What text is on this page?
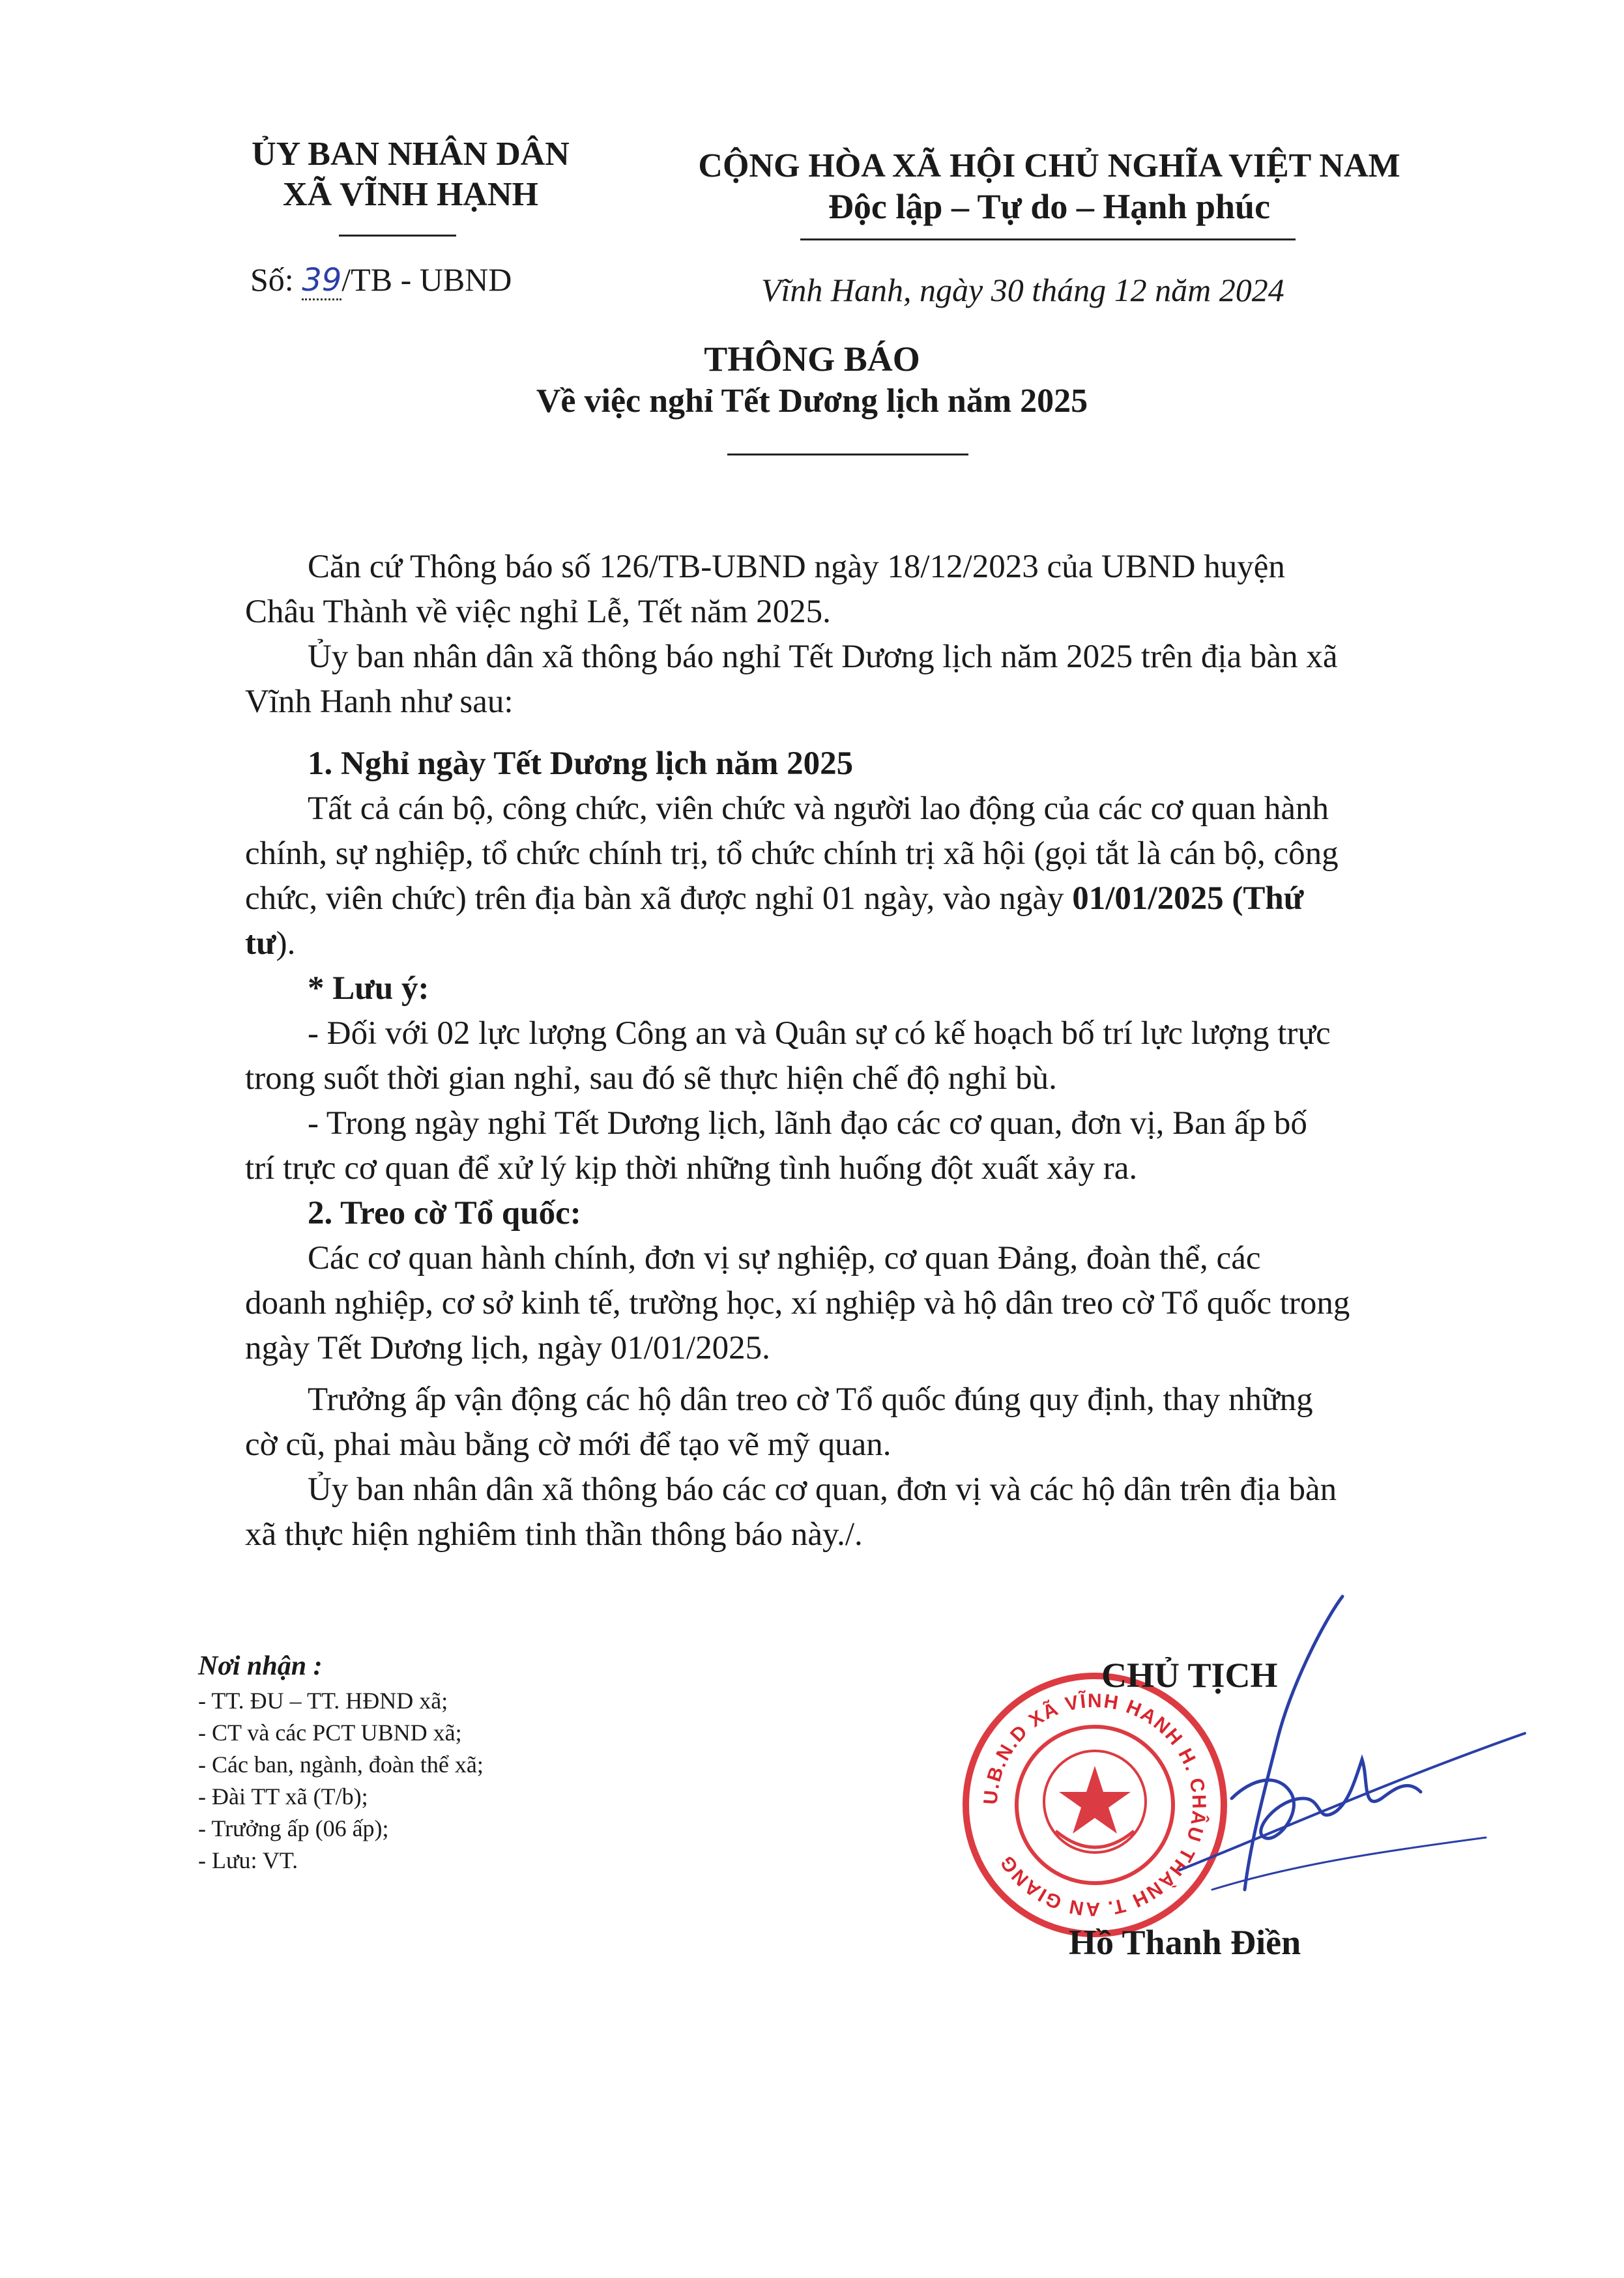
ỦY BAN NHÂN DÂN
XÃ VĨNH HẠNH
Số: 39/TB - UBND
CỘNG HÒA XÃ HỘI CHỦ NGHĨA VIỆT NAM
Độc lập – Tự do – Hạnh phúc
Vĩnh Hanh, ngày 30 tháng 12 năm 2024
THÔNG BÁO
Về việc nghỉ Tết Dương lịch năm 2025
Căn cứ Thông báo số 126/TB-UBND ngày 18/12/2023 của UBND huyện
Châu Thành về việc nghỉ Lễ, Tết năm 2025.
Ủy ban nhân dân xã thông báo nghỉ Tết Dương lịch năm 2025 trên địa bàn xã
Vĩnh Hanh như sau:
1. Nghỉ ngày Tết Dương lịch năm 2025
Tất cả cán bộ, công chức, viên chức và người lao động của các cơ quan hành
chính, sự nghiệp, tổ chức chính trị, tổ chức chính trị xã hội (gọi tắt là cán bộ, công
chức, viên chức) trên địa bàn xã được nghỉ 01 ngày, vào ngày 01/01/2025 (Thứ
tư).
* Lưu ý:
- Đối với 02 lực lượng Công an và Quân sự có kế hoạch bố trí lực lượng trực
trong suốt thời gian nghỉ, sau đó sẽ thực hiện chế độ nghỉ bù.
- Trong ngày nghỉ Tết Dương lịch, lãnh đạo các cơ quan, đơn vị, Ban ấp bố
trí trực cơ quan để xử lý kịp thời những tình huống đột xuất xảy ra.
2. Treo cờ Tổ quốc:
Các cơ quan hành chính, đơn vị sự nghiệp, cơ quan Đảng, đoàn thể, các
doanh nghiệp, cơ sở kinh tế, trường học, xí nghiệp và hộ dân treo cờ Tổ quốc trong
ngày Tết Dương lịch, ngày 01/01/2025.
Trưởng ấp vận động các hộ dân treo cờ Tổ quốc đúng quy định, thay những
cờ cũ, phai màu bằng cờ mới để tạo vẽ mỹ quan.
Ủy ban nhân dân xã thông báo các cơ quan, đơn vị và các hộ dân trên địa bàn
xã thực hiện nghiêm tinh thần thông báo này./.
Nơi nhận :
- TT. ĐU – TT. HĐND xã;
- CT và các PCT UBND xã;
- Các ban, ngành, đoàn thể xã;
- Đài TT xã (T/b);
- Trưởng ấp (06 ấp);
- Lưu: VT.
U.B.N.D XÃ VĨNH HANH H. CHÂU THÀNH T. AN GIANG
CHỦ TỊCH
Hồ Thanh Điền
